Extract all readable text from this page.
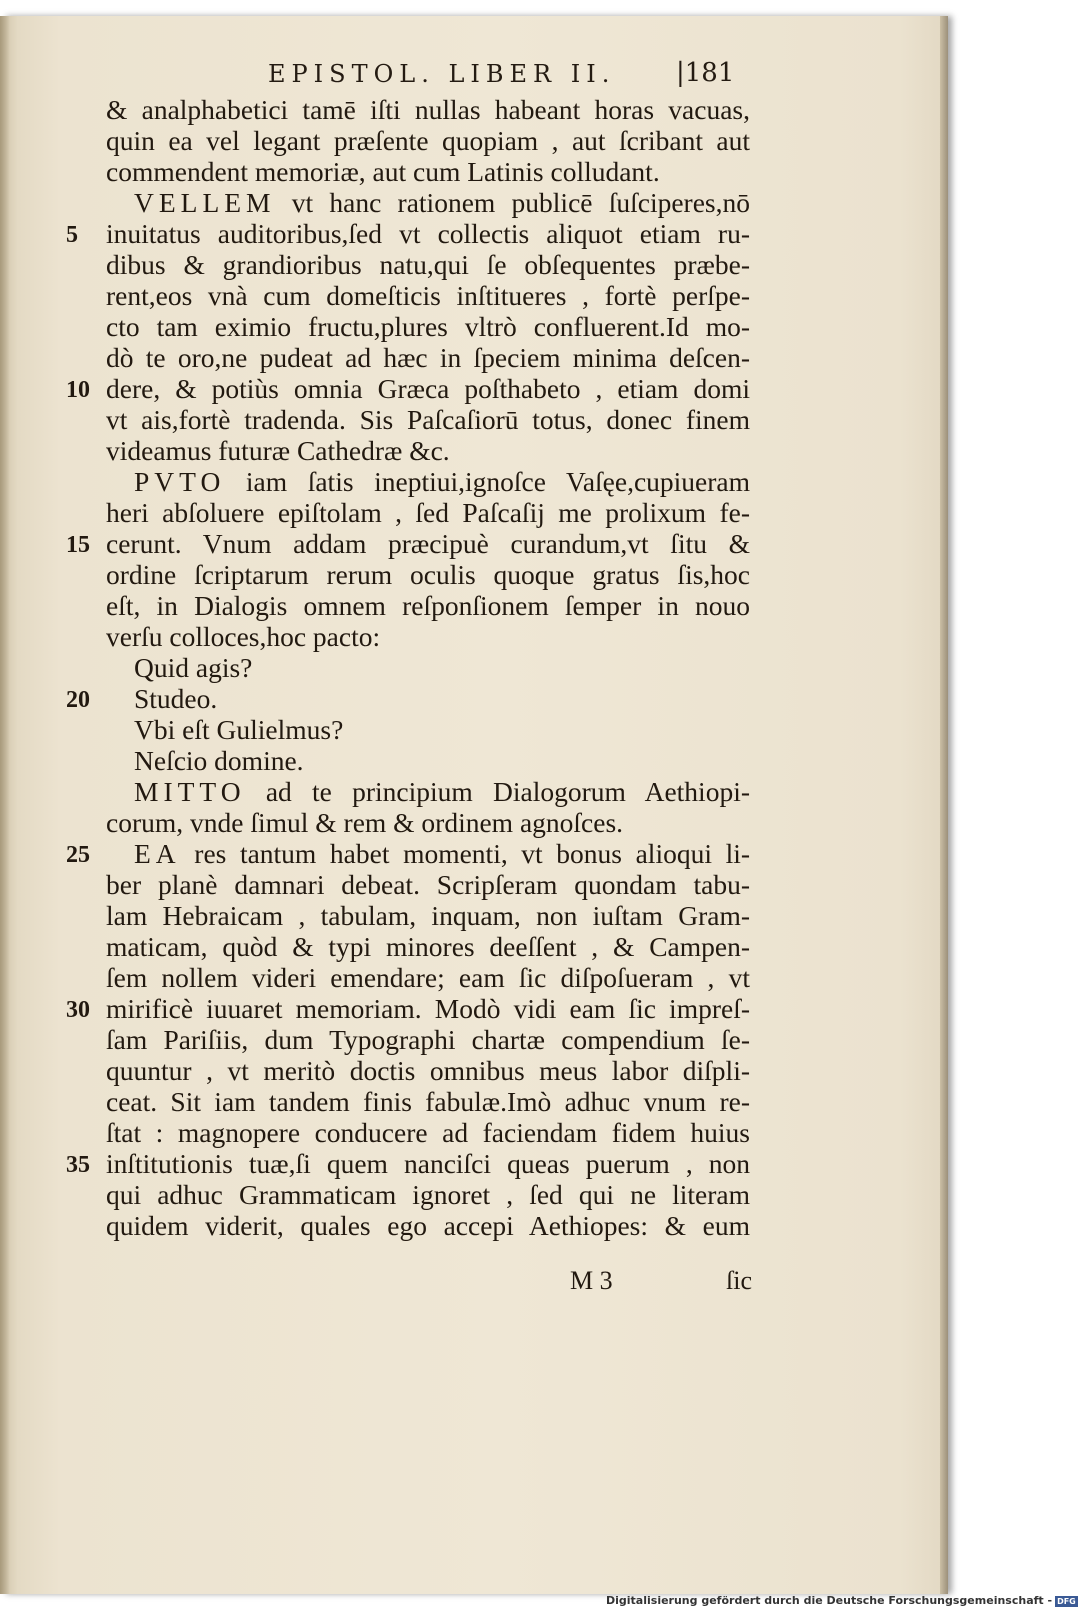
EPISTOL. LIBER II. |181
& analphabetici tamē iſti nullas habeant horas vacuas,
quin ea vel legant præſente quopiam , aut ſcribant aut
commendent memoriæ, aut cum Latinis colludant.
VELLEM vt hanc rationem publicē ſuſciperes,nō
inuitatus auditoribus,ſed vt collectis aliquot etiam ru-
5
dibus & grandioribus natu,qui ſe obſequentes præbe-
rent,eos vnà cum domeſticis inſtitueres , fortè perſpe-
cto tam eximio fructu,plures vltrò confluerent.Id mo-
dò te oro,ne pudeat ad hæc in ſpeciem minima deſcen-
dere, & potiùs omnia Græca poſthabeto , etiam domi
10
vt ais,fortè tradenda. Sis Paſcaſiorū totus, donec finem
videamus futuræ Cathedræ &c.
PVTO iam ſatis ineptiui,ignoſce Vaſęe,cupiueram
heri abſoluere epiſtolam , ſed Paſcaſij me prolixum fe-
cerunt. Vnum addam præcipuè curandum,vt ſitu &
15
ordine ſcriptarum rerum oculis quoque gratus ſis,hoc
eſt, in Dialogis omnem reſponſionem ſemper in nouo
verſu colloces,hoc pacto:
Quid agis?
Studeo.
20
Vbi eſt Gulielmus?
Neſcio domine.
MITTO ad te principium Dialogorum Aethiopi-
corum, vnde ſimul & rem & ordinem agnoſces.
EA res tantum habet momenti, vt bonus alioqui li-
25
ber planè damnari debeat. Scripſeram quondam tabu-
lam Hebraicam , tabulam, inquam, non iuſtam Gram-
maticam, quòd & typi minores deeſſent , & Campen-
ſem nollem videri emendare; eam ſic diſpoſueram , vt
mirificè iuuaret memoriam. Modò vidi eam ſic impreſ-
30
ſam Pariſiis, dum Typographi chartæ compendium ſe-
quuntur , vt meritò doctis omnibus meus labor diſpli-
ceat. Sit iam tandem finis fabulæ.Imò adhuc vnum re-
ſtat : magnopere conducere ad faciendam fidem huius
inſtitutionis tuæ,ſi quem nanciſci queas puerum , non
35
qui adhuc Grammaticam ignoret , ſed qui ne literam
quidem viderit, quales ego accepi Aethiopes: & eum
M 3	ſic
Digitalisierung gefördert durch die Deutsche Forschungsgemeinschaft - DFG
